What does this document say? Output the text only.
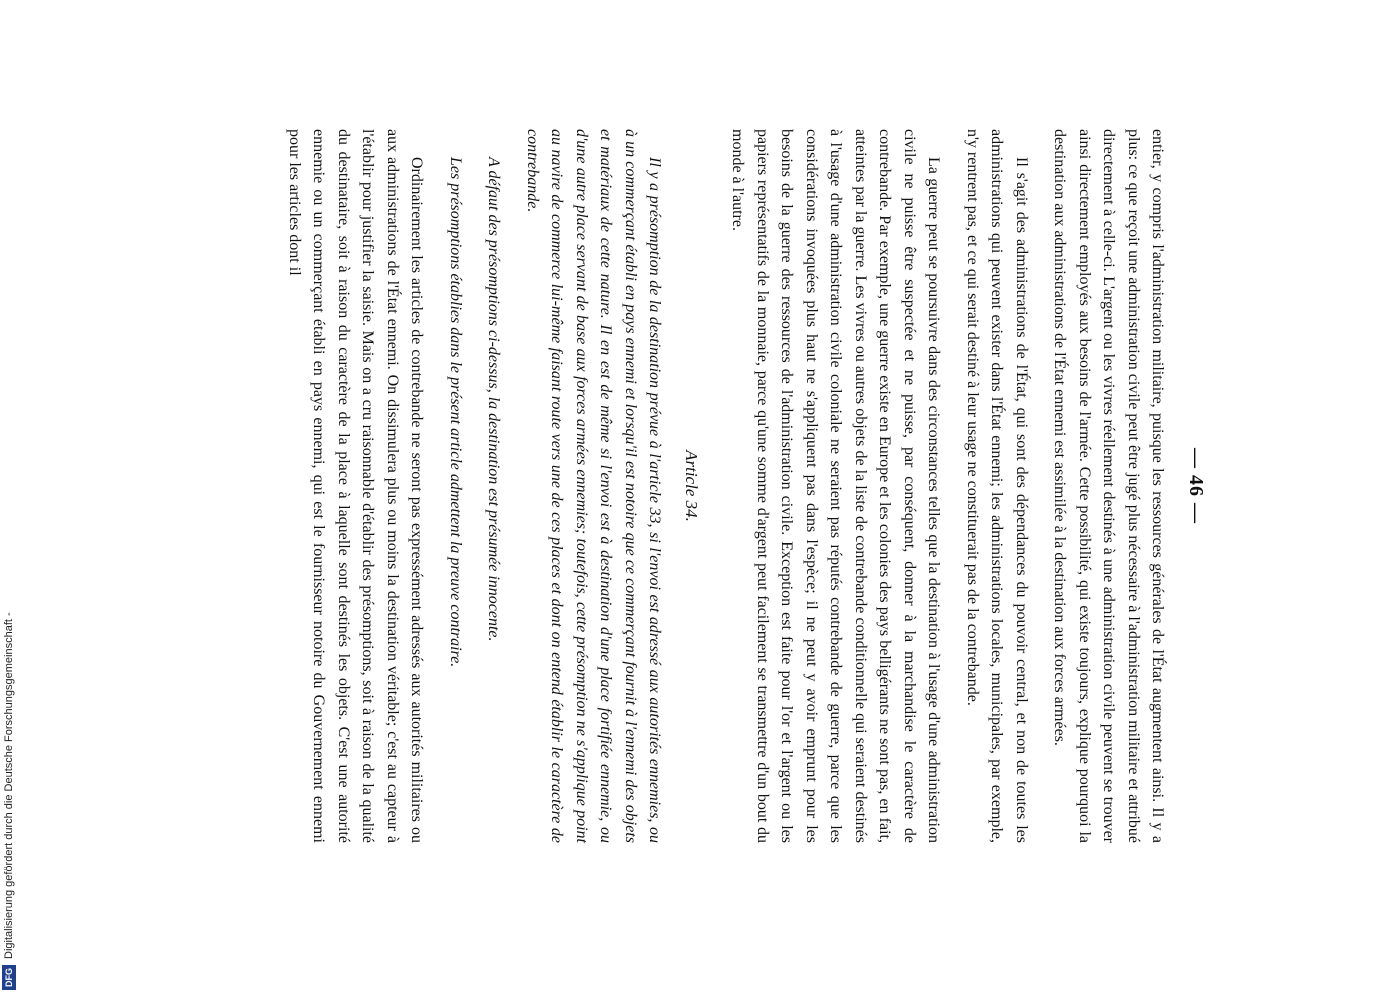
DFG
Digitalisierung gefördert durch die Deutsche Forschungsgemeinschaft -
— 46 —

entier, y compris l'administration militaire, puisque les ressources générales de l'État augmentent ainsi. Il y a plus: ce que reçoit une administration civile peut être jugé plus nécessaire à l'administration militaire et attribué directement à celle-ci. L'argent ou les vivres réellement destinés à une administration civile peuvent se trouver ainsi directement employés aux besoins de l'armée. Cette possibilité, qui existe toujours, explique pourquoi la destination aux administrations de l'État ennemi est assimilée à la destination aux forces armées.

Il s'agit des administrations de l'État, qui sont des dépendances du pouvoir central, et non de toutes les administrations qui peuvent exister dans l'État ennemi; les administrations locales, municipales, par exemple, n'y rentrent pas, et ce qui serait destiné à leur usage ne constituerait pas de la contrebande.

La guerre peut se poursuivre dans des circonstances telles que la destination à l'usage d'une administration civile ne puisse être suspectée et ne puisse, par conséquent, donner à la marchandise le caractère de contrebande. Par exemple, une guerre existe en Europe et les colonies des pays belligérants ne sont pas, en fait, atteintes par la guerre. Les vivres ou autres objets de la liste de contrebande conditionnelle qui seraient destinés à l'usage d'une administration civile coloniale ne seraient pas réputés contrebande de guerre, parce que les considérations invoquées plus haut ne s'appliquent pas dans l'espèce; il ne peut y avoir emprunt pour les besoins de la guerre des ressources de l'administration civile. Exception est faite pour l'or et l'argent ou les papiers représentatifs de la monnaie, parce qu'une somme d'argent peut facilement se transmettre d'un bout du monde à l'autre.

Article 34.

Il y a présomption de la destination prévue à l'article 33, si l'envoi est adressé aux autorités ennemies, ou à un commerçant établi en pays ennemi et lorsqu'il est notoire que ce commerçant fournit à l'ennemi des objets et matériaux de cette nature. Il en est de même si l'envoi est à destination d'une place fortifiée ennemie, ou d'une autre place servant de base aux forces armées ennemies; toutefois, cette présomption ne s'applique point au navire de commerce lui-même faisant route vers une de ces places et dont on entend établir le caractère de contrebande.

A défaut des présomptions ci-dessus, la destination est présumée innocente.

Les présomptions établies dans le présent article admettent la preuve contraire.

Ordinairement les articles de contrebande ne seront pas expressément adressés aux autorités militaires ou aux administrations de l'État ennemi. On dissimulera plus ou moins la destination véritable; c'est au capteur à l'établir pour justifier la saisie. Mais on a cru raisonnable d'établir des présomptions, soit à raison de la qualité du destinataire, soit à raison du caractère de la place à laquelle sont destinés les objets. C'est une autorité ennemie ou un commerçant établi en pays ennemi, qui est le fournisseur notoire du Gouvernement ennemi pour les articles dont il
